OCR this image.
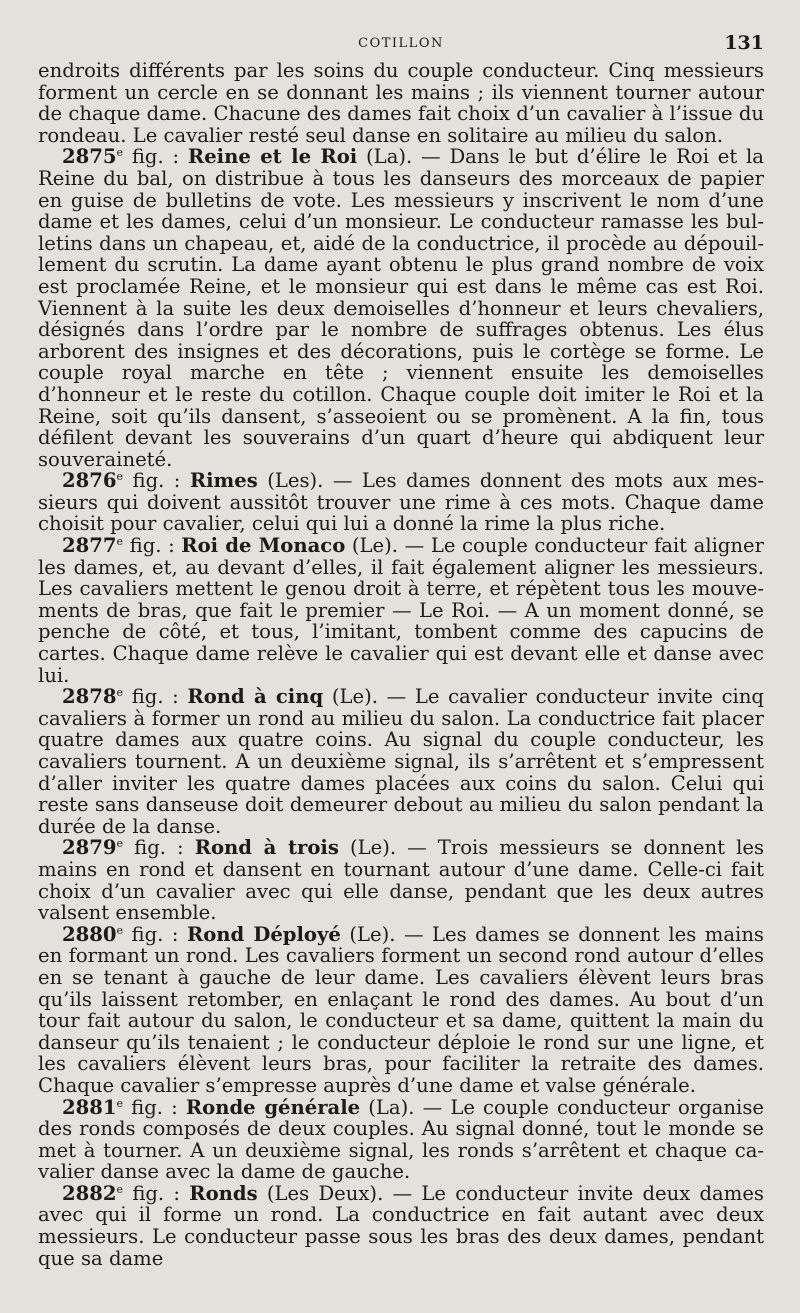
COTILLON	131

endroits différents par les soins du couple conducteur. Cinq messieurs forment un cercle en se donnant les mains ; ils viennent tourner autour de chaque dame. Chacune des dames fait choix d’un cavalier à l’issue du rondeau. Le cavalier resté seul danse en solitaire au milieu du salon.

2875e fig. : Reine et le Roi (La). — Dans le but d’élire le Roi et la Reine du bal, on distribue à tous les danseurs des morceaux de papier en guise de bulletins de vote. Les messieurs y inscrivent le nom d’une dame et les dames, celui d’un monsieur. Le conducteur ramasse les bulletins dans un chapeau, et, aidé de la conductrice, il procède au dépouillement du scrutin. La dame ayant obtenu le plus grand nombre de voix est proclamée Reine, et le monsieur qui est dans le même cas est Roi. Viennent à la suite les deux demoiselles d’honneur et leurs chevaliers, désignés dans l’ordre par le nombre de suffrages obtenus. Les élus arborent des insignes et des décorations, puis le cortège se forme. Le couple royal marche en tête ; viennent ensuite les demoiselles d’honneur et le reste du cotillon. Chaque couple doit imiter le Roi et la Reine, soit qu’ils dansent, s’asseoient ou se promènent. A la fin, tous défilent devant les souverains d’un quart d’heure qui abdiquent leur souveraineté.

2876e fig. : Rimes (Les). — Les dames donnent des mots aux messieurs qui doivent aussitôt trouver une rime à ces mots. Chaque dame choisit pour cavalier, celui qui lui a donné la rime la plus riche.

2877e fig. : Roi de Monaco (Le). — Le couple conducteur fait aligner les dames, et, au devant d’elles, il fait également aligner les messieurs. Les cavaliers mettent le genou droit à terre, et répètent tous les mouvements de bras, que fait le premier — Le Roi. — A un moment donné, se penche de côté, et tous, l’imitant, tombent comme des capucins de cartes. Chaque dame relève le cavalier qui est devant elle et danse avec lui.

2878e fig. : Rond à cinq (Le). — Le cavalier conducteur invite cinq cavaliers à former un rond au milieu du salon. La conductrice fait placer quatre dames aux quatre coins. Au signal du couple conducteur, les cavaliers tournent. A un deuxième signal, ils s’arrêtent et s’empressent d’aller inviter les quatre dames placées aux coins du salon. Celui qui reste sans danseuse doit demeurer debout au milieu du salon pendant la durée de la danse.

2879e fig. : Rond à trois (Le). — Trois messieurs se donnent les mains en rond et dansent en tournant autour d’une dame. Celle-ci fait choix d’un cavalier avec qui elle danse, pendant que les deux autres valsent ensemble.

2880e fig. : Rond Déployé (Le). — Les dames se donnent les mains en formant un rond. Les cavaliers forment un second rond autour d’elles en se tenant à gauche de leur dame. Les cavaliers élèvent leurs bras qu’ils laissent retomber, en enlaçant le rond des dames. Au bout d’un tour fait autour du salon, le conducteur et sa dame, quittent la main du danseur qu’ils tenaient ; le conducteur déploie le rond sur une ligne, et les cavaliers élèvent leurs bras, pour faciliter la retraite des dames. Chaque cavalier s’empresse auprès d’une dame et valse générale.

2881e fig. : Ronde générale (La). — Le couple conducteur organise des ronds composés de deux couples. Au signal donné, tout le monde se met à tourner. A un deuxième signal, les ronds s’arrêtent et chaque cavalier danse avec la dame de gauche.

2882e fig. : Ronds (Les Deux). — Le conducteur invite deux dames avec qui il forme un rond. La conductrice en fait autant avec deux messieurs. Le conducteur passe sous les bras des deux dames, pendant que sa dame
